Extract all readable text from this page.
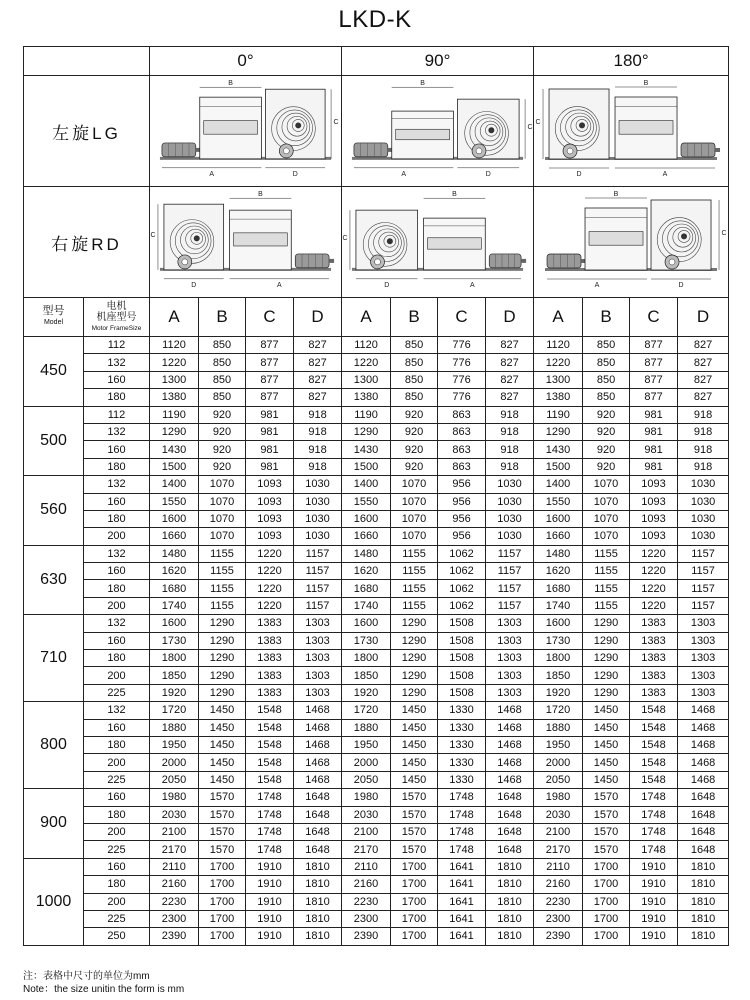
LKD-K
		0°				90°				180°			
左旋LG		A D
B
C				A D
B
C				A
D
B
C			

右旋RD		A
D
B
C				A
D
B
C				A D
B
C			

型号
Model	电机
机座型号
Motor FrameSize	A	B	C	D	A	B	C	D	A	B	C	D
450	112	1120	850	877	827	1120	850	776	827	1120	850	877	827
	132	1220	850	877	827	1220	850	776	827	1220	850	877	827
	160	1300	850	877	827	1300	850	776	827	1300	850	877	827
	180	1380	850	877	827	1380	850	776	827	1380	850	877	827
500	112	1190	920	981	918	1190	920	863	918	1190	920	981	918
	132	1290	920	981	918	1290	920	863	918	1290	920	981	918
	160	1430	920	981	918	1430	920	863	918	1430	920	981	918
	180	1500	920	981	918	1500	920	863	918	1500	920	981	918
560	132	1400	1070	1093	1030	1400	1070	956	1030	1400	1070	1093	1030
	160	1550	1070	1093	1030	1550	1070	956	1030	1550	1070	1093	1030
	180	1600	1070	1093	1030	1600	1070	956	1030	1600	1070	1093	1030
	200	1660	1070	1093	1030	1660	1070	956	1030	1660	1070	1093	1030
630	132	1480	1155	1220	1157	1480	1155	1062	1157	1480	1155	1220	1157
	160	1620	1155	1220	1157	1620	1155	1062	1157	1620	1155	1220	1157
	180	1680	1155	1220	1157	1680	1155	1062	1157	1680	1155	1220	1157
	200	1740	1155	1220	1157	1740	1155	1062	1157	1740	1155	1220	1157
710	132	1600	1290	1383	1303	1600	1290	1508	1303	1600	1290	1383	1303
	160	1730	1290	1383	1303	1730	1290	1508	1303	1730	1290	1383	1303
	180	1800	1290	1383	1303	1800	1290	1508	1303	1800	1290	1383	1303
	200	1850	1290	1383	1303	1850	1290	1508	1303	1850	1290	1383	1303
	225	1920	1290	1383	1303	1920	1290	1508	1303	1920	1290	1383	1303
800	132	1720	1450	1548	1468	1720	1450	1330	1468	1720	1450	1548	1468
	160	1880	1450	1548	1468	1880	1450	1330	1468	1880	1450	1548	1468
	180	1950	1450	1548	1468	1950	1450	1330	1468	1950	1450	1548	1468
	200	2000	1450	1548	1468	2000	1450	1330	1468	2000	1450	1548	1468
	225	2050	1450	1548	1468	2050	1450	1330	1468	2050	1450	1548	1468
900	160	1980	1570	1748	1648	1980	1570	1748	1648	1980	1570	1748	1648
	180	2030	1570	1748	1648	2030	1570	1748	1648	2030	1570	1748	1648
	200	2100	1570	1748	1648	2100	1570	1748	1648	2100	1570	1748	1648
	225	2170	1570	1748	1648	2170	1570	1748	1648	2170	1570	1748	1648
1000	160	2110	1700	1910	1810	2110	1700	1641	1810	2110	1700	1910	1810
	180	2160	1700	1910	1810	2160	1700	1641	1810	2160	1700	1910	1810
	200	2230	1700	1910	1810	2230	1700	1641	1810	2230	1700	1910	1810
	225	2300	1700	1910	1810	2300	1700	1641	1810	2300	1700	1910	1810
	250	2390	1700	1910	1810	2390	1700	1641	1810	2390	1700	1910	1810
注：表格中尺寸的单位为mm
Note：the size unitin the form is mm
